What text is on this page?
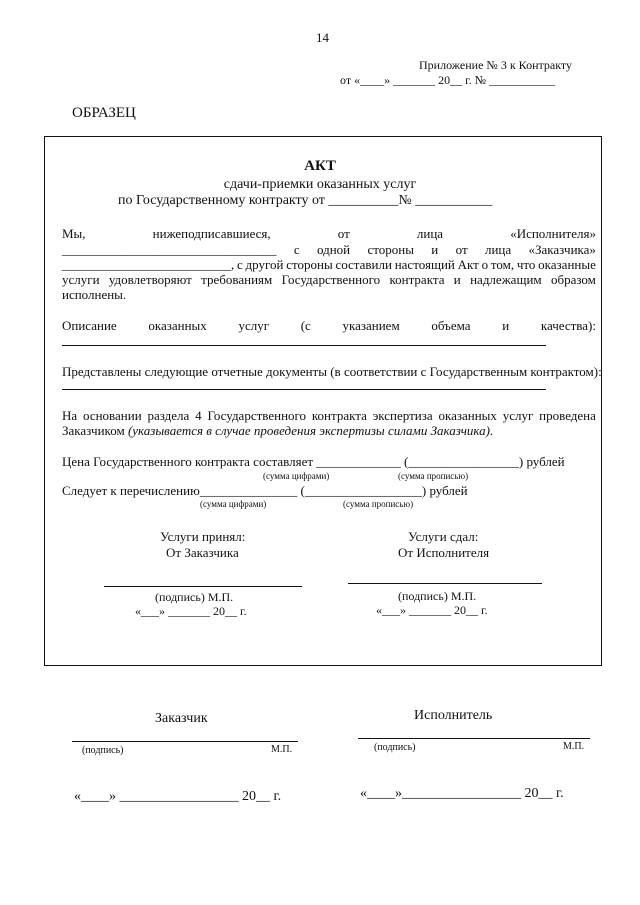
14
Приложение № 3 к Контракту
от «____» _______ 20__ г. № ___________
ОБРАЗЕЦ
АКТ
сдачи-приемки оказанных услуг
по Государственному контракту от __________№ ___________
Мы,	нижеподписавшиеся,	от	лица	«Исполнителя»
_________________________________ с одной стороны и от лица «Заказчика»
__________________________, с другой стороны составили настоящий Акт о том, что оказанные
услуги удовлетворяют требованиям Государственного контракта и надлежащим образом
исполнены.
Описание оказанных услуг (с указанием объема и качества):
Представлены следующие отчетные документы (в соответствии с Государственным контрактом):
На основании раздела 4 Государственного контракта экспертиза оказанных услуг проведена
Заказчиком (указывается в случае проведения экспертизы силами Заказчика).
Цена Государственного контракта составляет _____________ (_________________) рублей
(сумма цифрами)	(сумма прописью)
Следует к перечислению_______________ (__________________) рублей
(сумма цифрами)	(сумма прописью)
Услуги принял:
От Заказчика
Услуги сдал:
От Исполнителя
(подпись) М.П.	(подпись) М.П.
«___» _______ 20__ г.	«___» _______ 20__ г.
Заказчик	Исполнитель
(подпись)	М.П.	(подпись)	М.П.
«____» _________________ 20__ г.	«____»_________________ 20__ г.
